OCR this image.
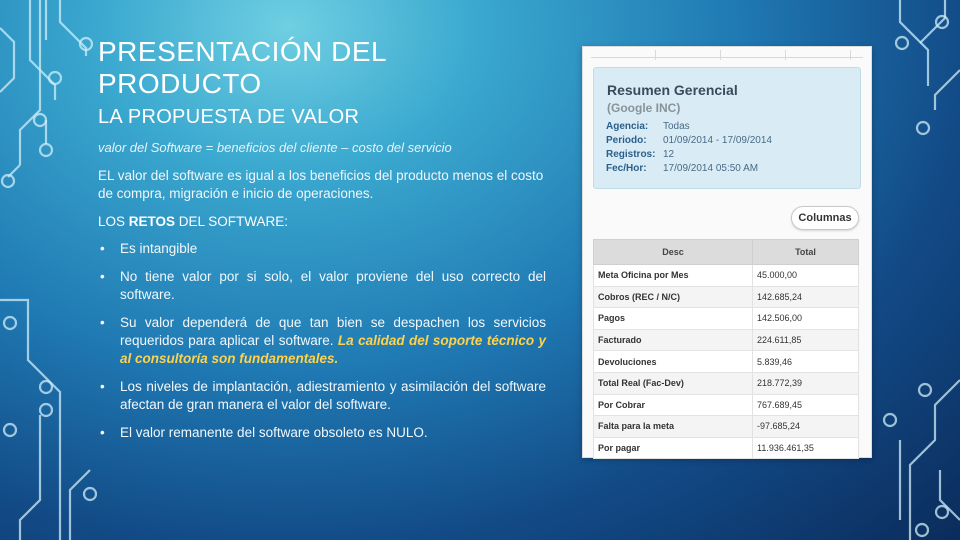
PRESENTACIÓN DEL PRODUCTO
LA PROPUESTA DE VALOR
valor del Software = beneficios del cliente – costo del servicio
EL valor del software es igual a los beneficios del producto menos el costo de compra, migración e inicio de operaciones.
LOS RETOS DEL SOFTWARE:
• Es intangible
• No tiene valor por si solo, el valor proviene del uso correcto del software.
• Su valor dependerá de que tan bien se despachen los servicios requeridos para aplicar el software. La calidad del soporte técnico y al consultoría son fundamentales.
• Los niveles de implantación, adiestramiento y asimilación del software afectan de gran manera el valor del software.
• El valor remanente del software obsoleto es NULO.
Resumen Gerencial
(Google INC)
Agencia:	Todas
Periodo:	01/09/2014 - 17/09/2014
Registros:	12
Fec/Hor:	17/09/2014 05:50 AM
Columnas
Desc	Total
Meta Oficina por Mes	45.000,00
Cobros (REC / N/C)	142.685,24
Pagos	142.506,00
Facturado	224.611,85
Devoluciones	5.839,46
Total Real (Fac-Dev)	218.772,39
Por Cobrar	767.689,45
Falta para la meta	-97.685,24
Por pagar	11.936.461,35
